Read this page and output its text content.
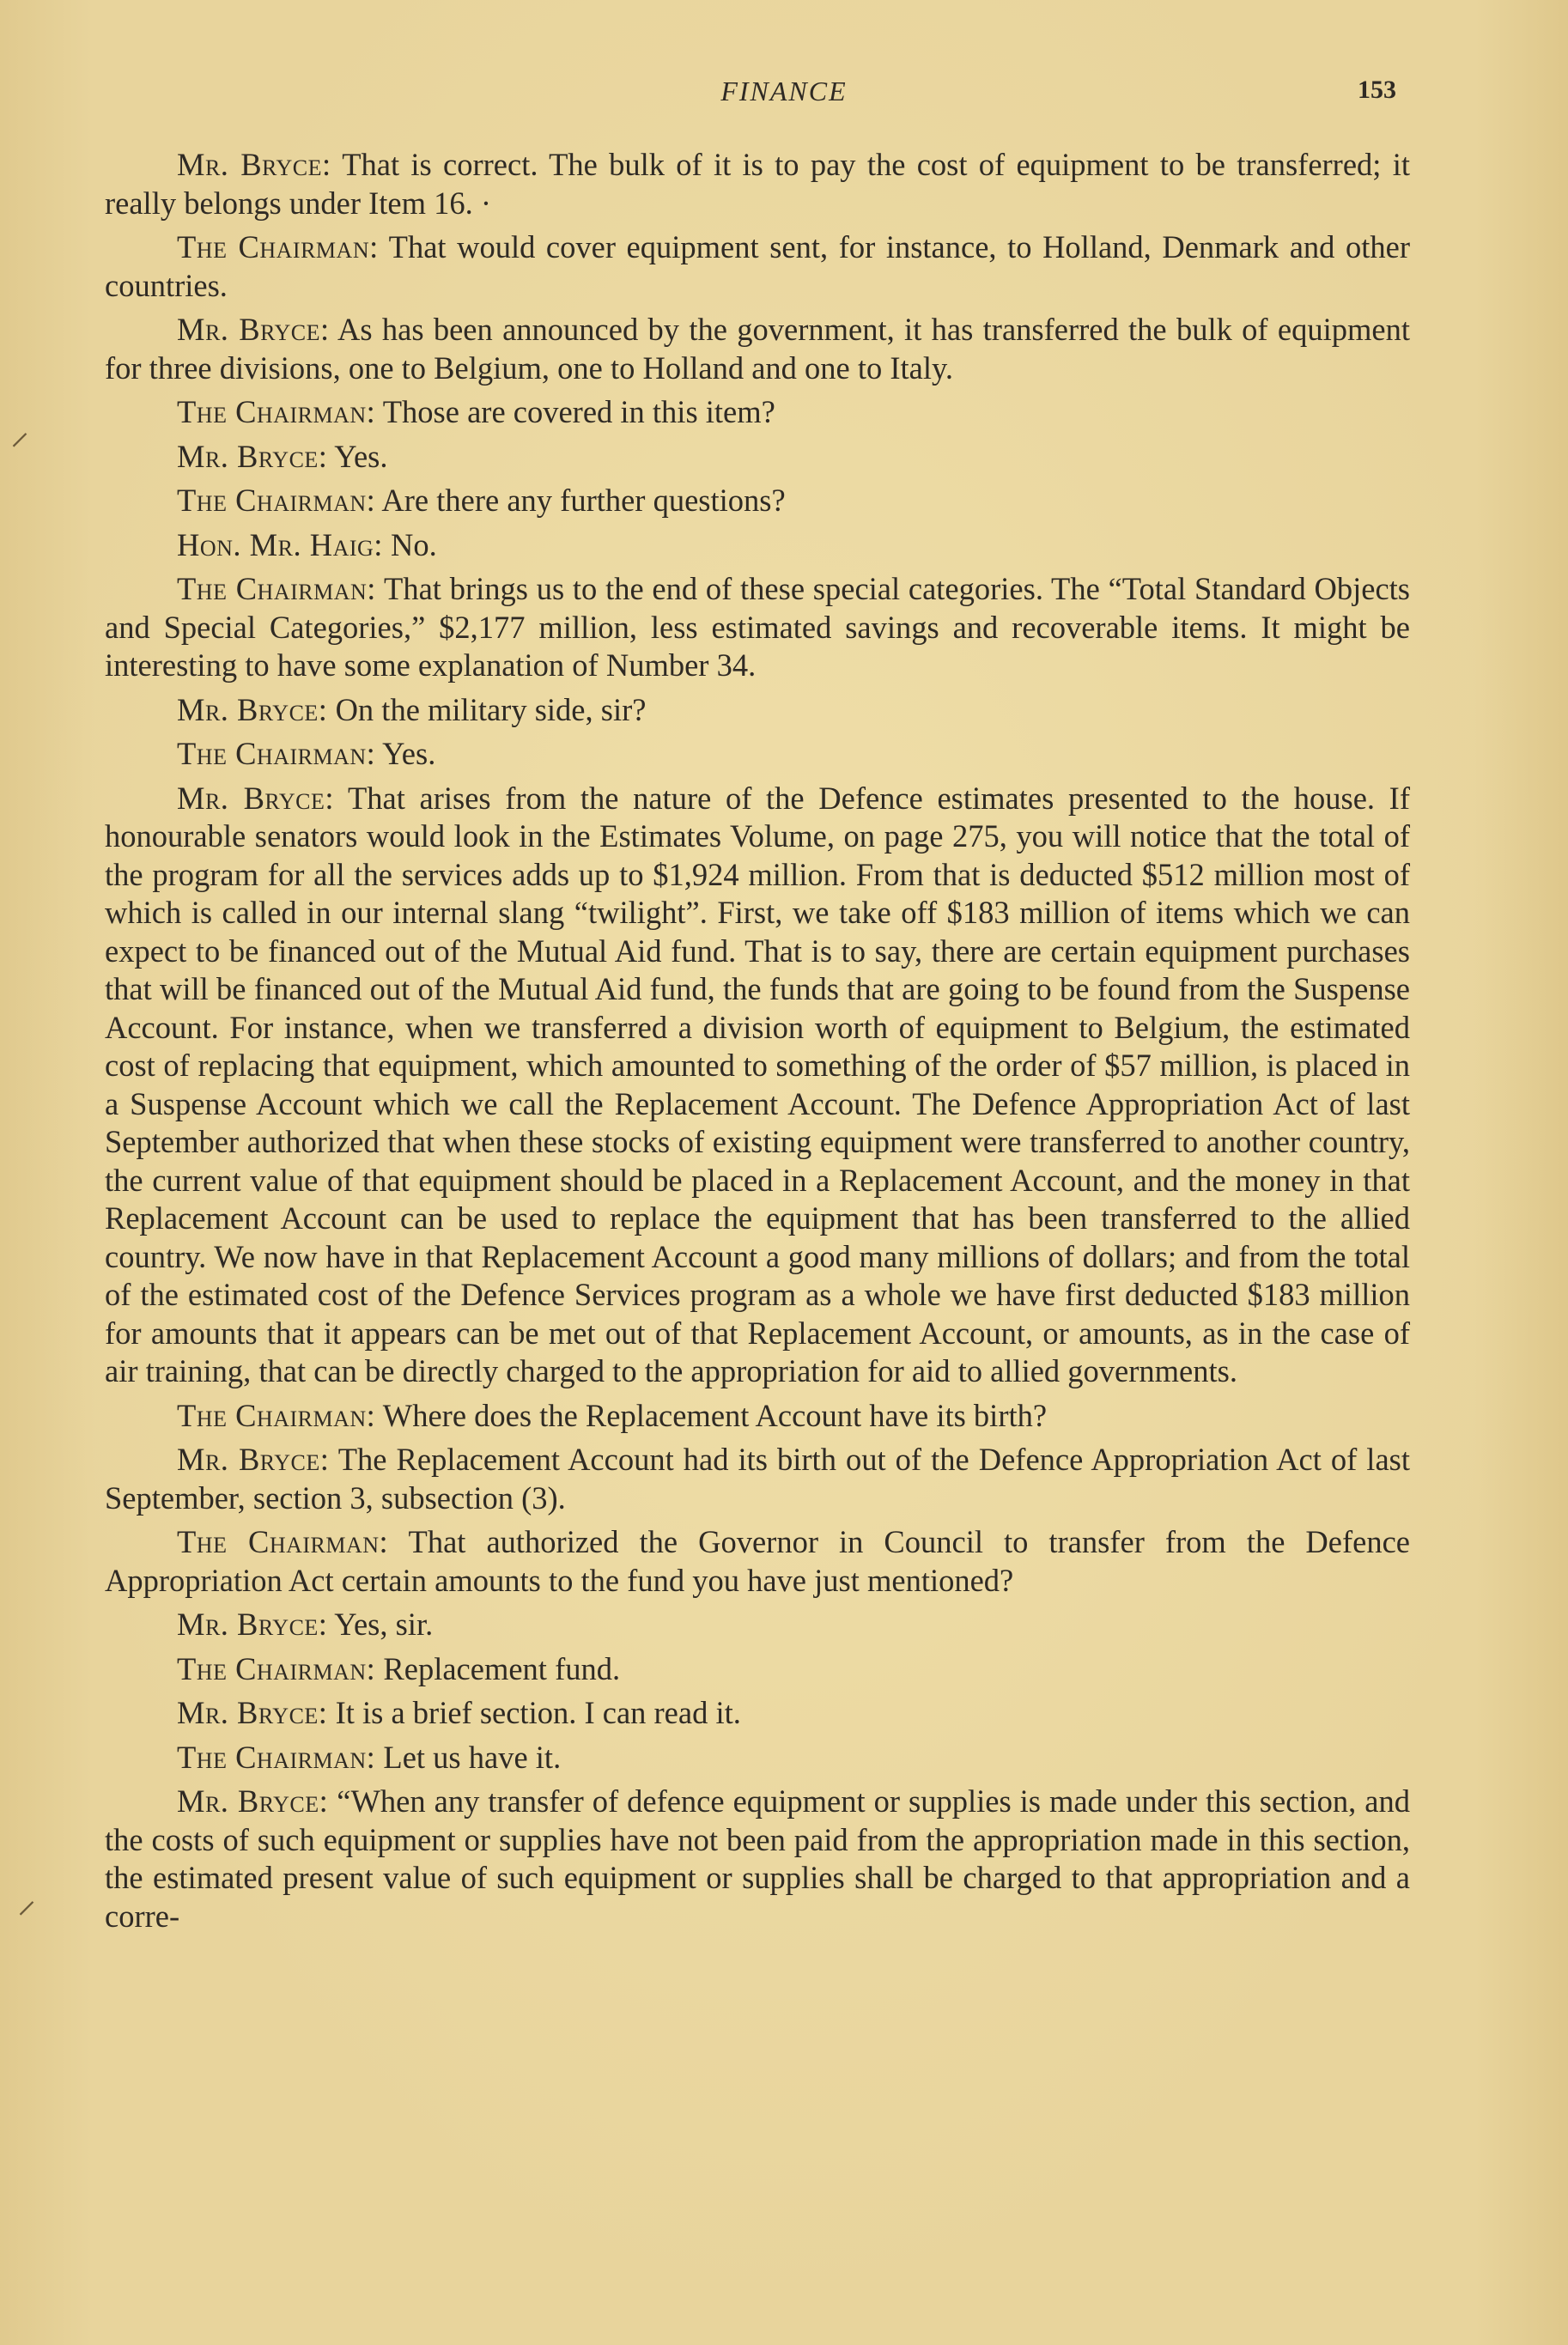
FINANCE	153
⸝
⸝

Mr. Bryce: That is correct. The bulk of it is to pay the cost of equipment to be transferred; it really belongs under Item 16. ·

The Chairman: That would cover equipment sent, for instance, to Holland, Denmark and other countries.

Mr. Bryce: As has been announced by the government, it has transferred the bulk of equipment for three divisions, one to Belgium, one to Holland and one to Italy.

The Chairman: Those are covered in this item?

Mr. Bryce: Yes.

The Chairman: Are there any further questions?

Hon. Mr. Haig: No.

The Chairman: That brings us to the end of these special categories. The “Total Standard Objects and Special Categories,” $2,177 million, less estimated savings and recoverable items. It might be interesting to have some explanation of Number 34.

Mr. Bryce: On the military side, sir?

The Chairman: Yes.

Mr. Bryce: That arises from the nature of the Defence estimates presented to the house. If honourable senators would look in the Estimates Volume, on page 275, you will notice that the total of the program for all the services adds up to $1,924 million. From that is deducted $512 million most of which is called in our internal slang “twilight”. First, we take off $183 million of items which we can expect to be financed out of the Mutual Aid fund. That is to say, there are certain equipment purchases that will be financed out of the Mutual Aid fund, the funds that are going to be found from the Suspense Account. For instance, when we transferred a division worth of equipment to Belgium, the estimated cost of replacing that equipment, which amounted to something of the order of $57 million, is placed in a Suspense Account which we call the Replacement Account. The Defence Appropriation Act of last September authorized that when these stocks of existing equipment were transferred to another country, the current value of that equipment should be placed in a Replacement Account, and the money in that Replacement Account can be used to replace the equipment that has been transferred to the allied country. We now have in that Replacement Account a good many millions of dollars; and from the total of the estimated cost of the Defence Services program as a whole we have first deducted $183 million for amounts that it appears can be met out of that Replacement Account, or amounts, as in the case of air training, that can be directly charged to the appropriation for aid to allied governments.

The Chairman: Where does the Replacement Account have its birth?

Mr. Bryce: The Replacement Account had its birth out of the Defence Appropriation Act of last September, section 3, subsection (3).

The Chairman: That authorized the Governor in Council to transfer from the Defence Appropriation Act certain amounts to the fund you have just mentioned?

Mr. Bryce: Yes, sir.

The Chairman: Replacement fund.

Mr. Bryce: It is a brief section. I can read it.

The Chairman: Let us have it.

Mr. Bryce: “When any transfer of defence equipment or supplies is made under this section, and the costs of such equipment or supplies have not been paid from the appropriation made in this section, the estimated present value of such equipment or supplies shall be charged to that appropriation and a corre-
